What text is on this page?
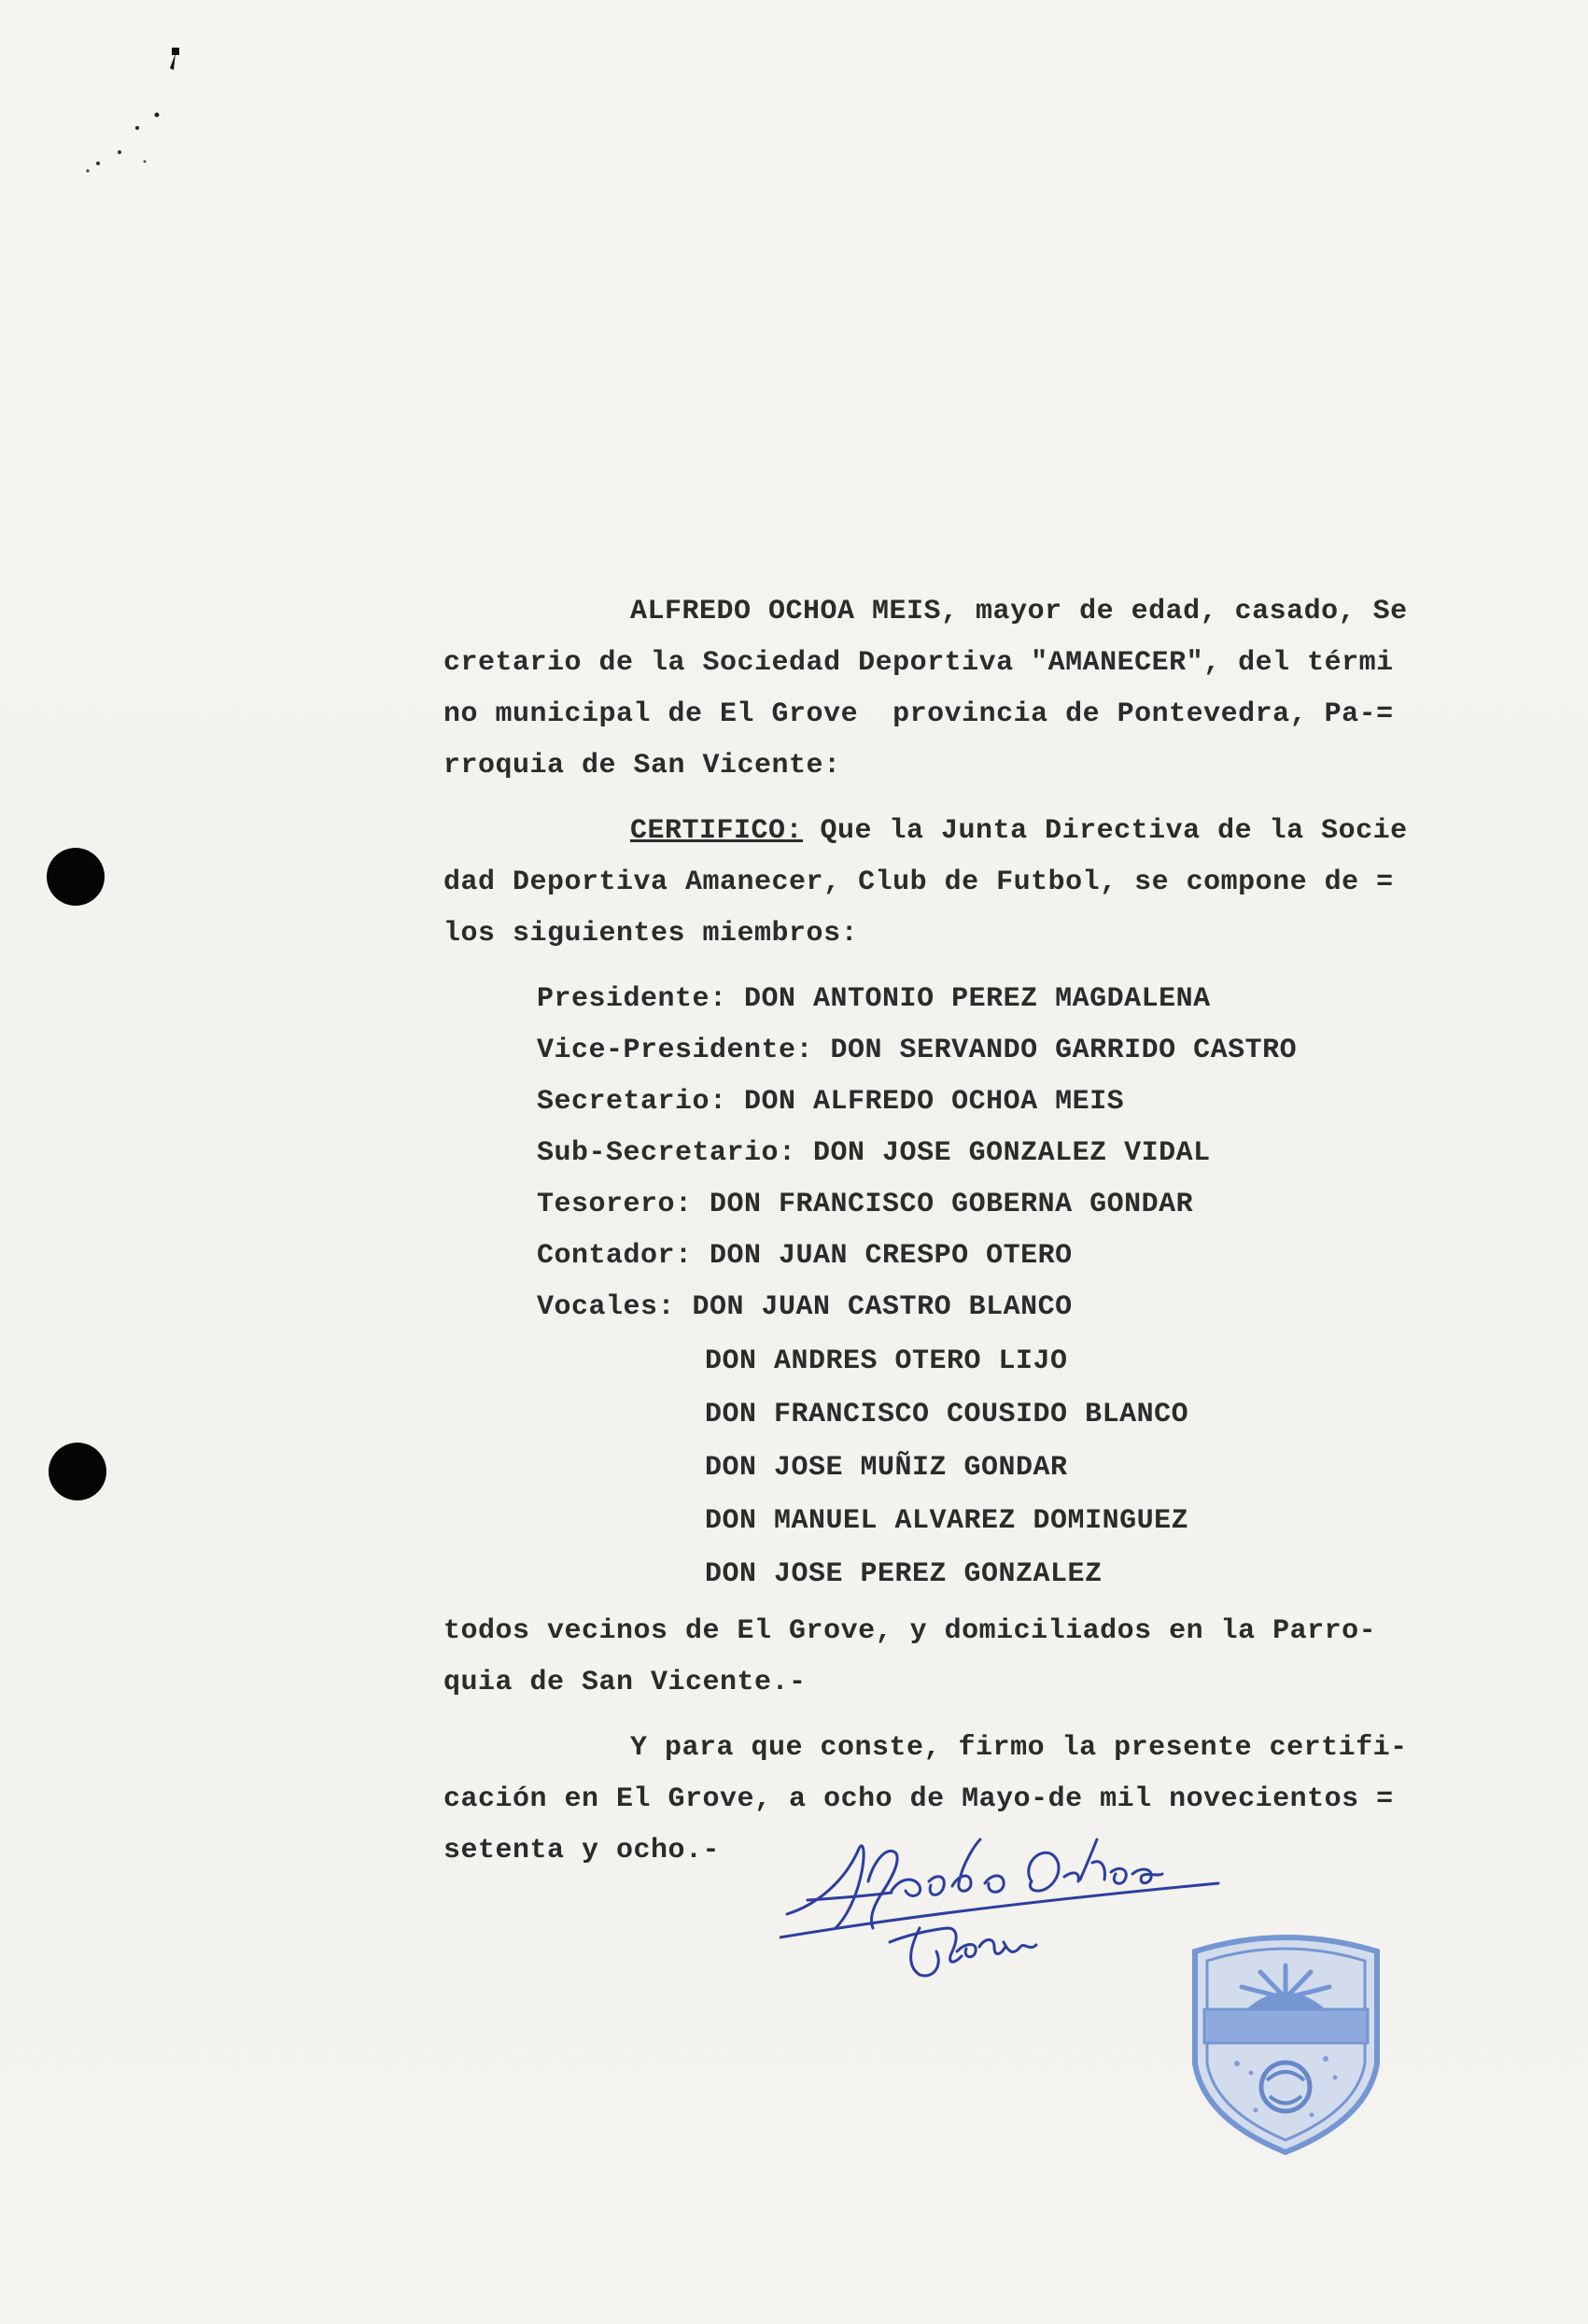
ALFREDO OCHOA MEIS, mayor de edad, casado, Se
cretario de la Sociedad Deportiva "AMANECER", del térmi
no municipal de El Grove  provincia de Pontevedra, Pa-=
rroquia de San Vicente:
CERTIFICO: Que la Junta Directiva de la Socie
dad Deportiva Amanecer, Club de Futbol, se compone de =
los siguientes miembros:
Presidente: DON ANTONIO PEREZ MAGDALENA
Vice-Presidente: DON SERVANDO GARRIDO CASTRO
Secretario: DON ALFREDO OCHOA MEIS
Sub-Secretario: DON JOSE GONZALEZ VIDAL
Tesorero: DON FRANCISCO GOBERNA GONDAR
Contador: DON JUAN CRESPO OTERO
Vocales: DON JUAN CASTRO BLANCO
DON ANDRES OTERO LIJO
DON FRANCISCO COUSIDO BLANCO
DON JOSE MUÑIZ GONDAR
DON MANUEL ALVAREZ DOMINGUEZ
DON JOSE PEREZ GONZALEZ
todos vecinos de El Grove, y domiciliados en la Parro-
quia de San Vicente.-
Y para que conste, firmo la presente certifi-
cación en El Grove, a ocho de Mayo-de mil novecientos =
setenta y ocho.-
